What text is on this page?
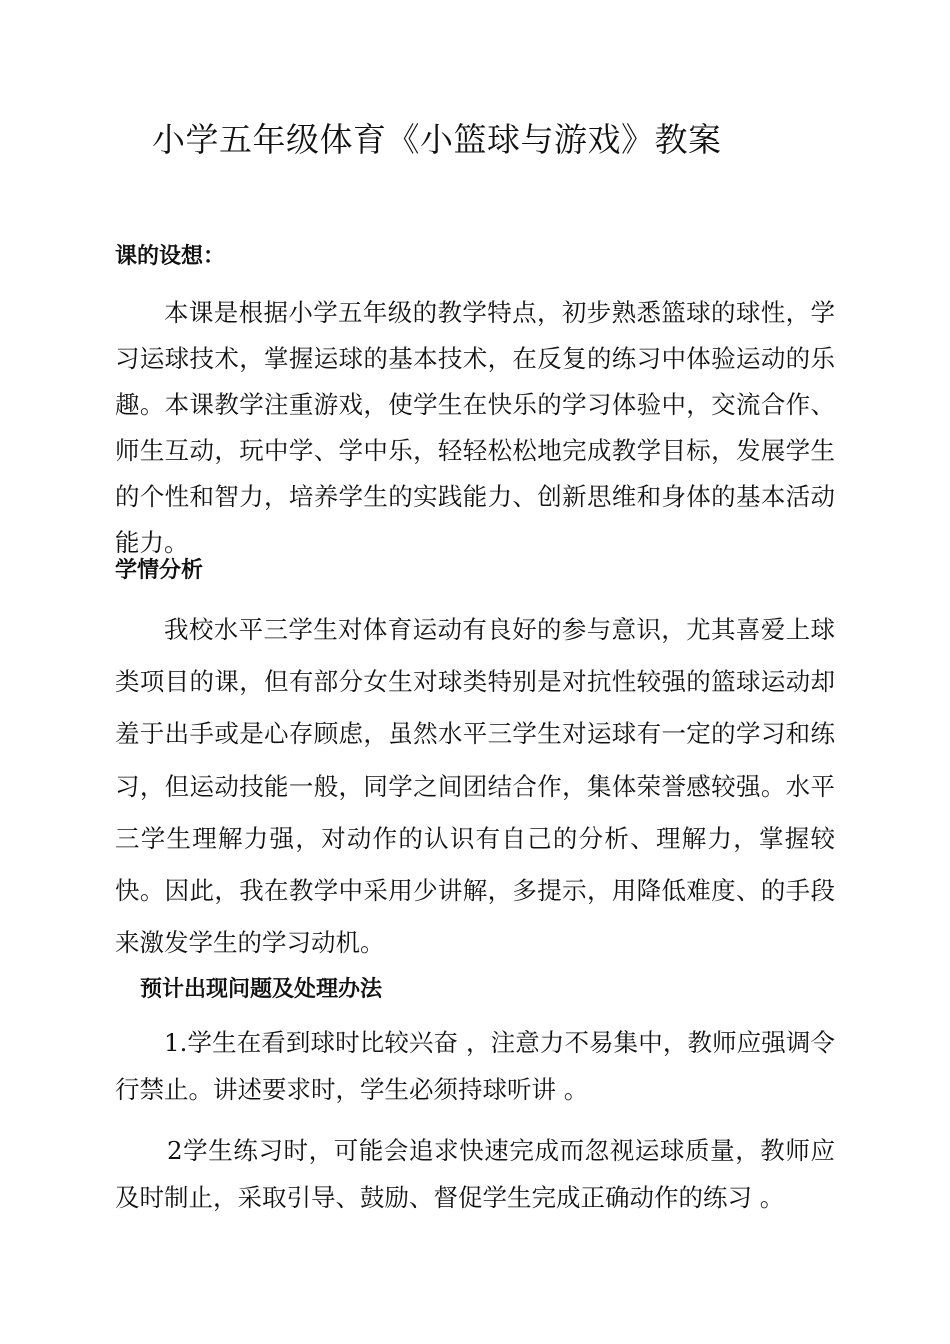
小学五年级体育《小篮球与游戏》教案
课的设想：

本课是根据小学五年级的教学特点，初步熟悉篮球的球性，学习运球技术，掌握运球的基本技术，在反复的练习中体验运动的乐趣。本课教学注重游戏，使学生在快乐的学习体验中，交流合作、师生互动，玩中学、学中乐，轻轻松松地完成教学目标，发展学生的个性和智力，培养学生的实践能力、创新思维和身体的基本活动能力。

学情分析

我校水平三学生对体育运动有良好的参与意识，尤其喜爱上球类项目的课，但有部分女生对球类特别是对抗性较强的篮球运动却羞于出手或是心存顾虑，虽然水平三学生对运球有一定的学习和练习，但运动技能一般，同学之间团结合作，集体荣誉感较强。水平三学生理解力强，对动作的认识有自己的分析、理解力，掌握较快。因此，我在教学中采用少讲解，多提示，用降低难度、的手段来激发学生的学习动机。

预计出现问题及处理办法

1.学生在看到球时比较兴奋 ，注意力不易集中，教师应强调令行禁止。讲述要求时，学生必须持球听讲 。

2学生练习时，可能会追求快速完成而忽视运球质量，教师应及时制止，采取引导、鼓励、督促学生完成正确动作的练习 。
